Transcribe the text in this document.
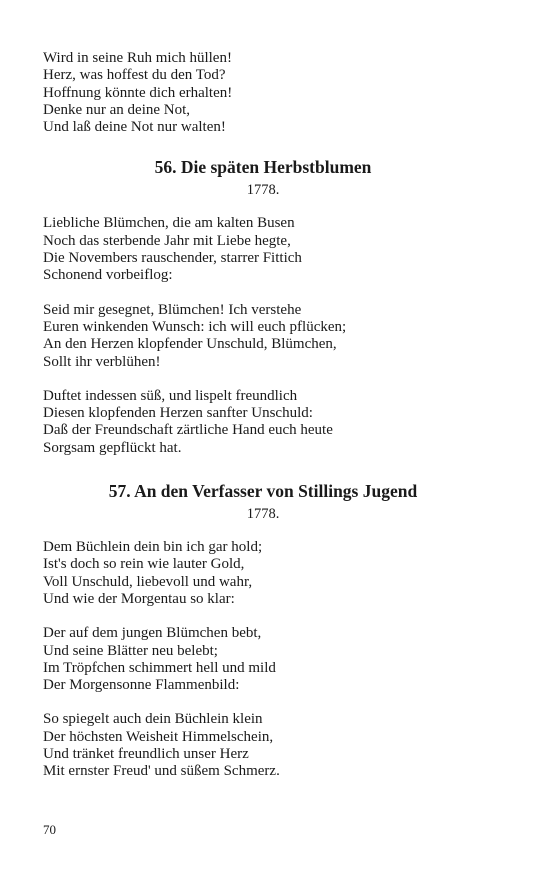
Wird in seine Ruh mich hüllen!
Herz, was hoffest du den Tod?
Hoffnung könnte dich erhalten!
Denke nur an deine Not,
Und laß deine Not nur walten!
56. Die späten Herbstblumen
1778.
Liebliche Blümchen, die am kalten Busen
Noch das sterbende Jahr mit Liebe hegte,
Die Novembers rauschender, starrer Fittich
Schonend vorbeiflog:
Seid mir gesegnet, Blümchen! Ich verstehe
Euren winkenden Wunsch: ich will euch pflücken;
An den Herzen klopfender Unschuld, Blümchen,
Sollt ihr verblühen!
Duftet indessen süß, und lispelt freundlich
Diesen klopfenden Herzen sanfter Unschuld:
Daß der Freundschaft zärtliche Hand euch heute
Sorgsam gepflückt hat.
57. An den Verfasser von Stillings Jugend
1778.
Dem Büchlein dein bin ich gar hold;
Ist's doch so rein wie lauter Gold,
Voll Unschuld, liebevoll und wahr,
Und wie der Morgentau so klar:
Der auf dem jungen Blümchen bebt,
Und seine Blätter neu belebt;
Im Tröpfchen schimmert hell und mild
Der Morgensonne Flammenbild:
So spiegelt auch dein Büchlein klein
Der höchsten Weisheit Himmelschein,
Und tränket freundlich unser Herz
Mit ernster Freud' und süßem Schmerz.
70
